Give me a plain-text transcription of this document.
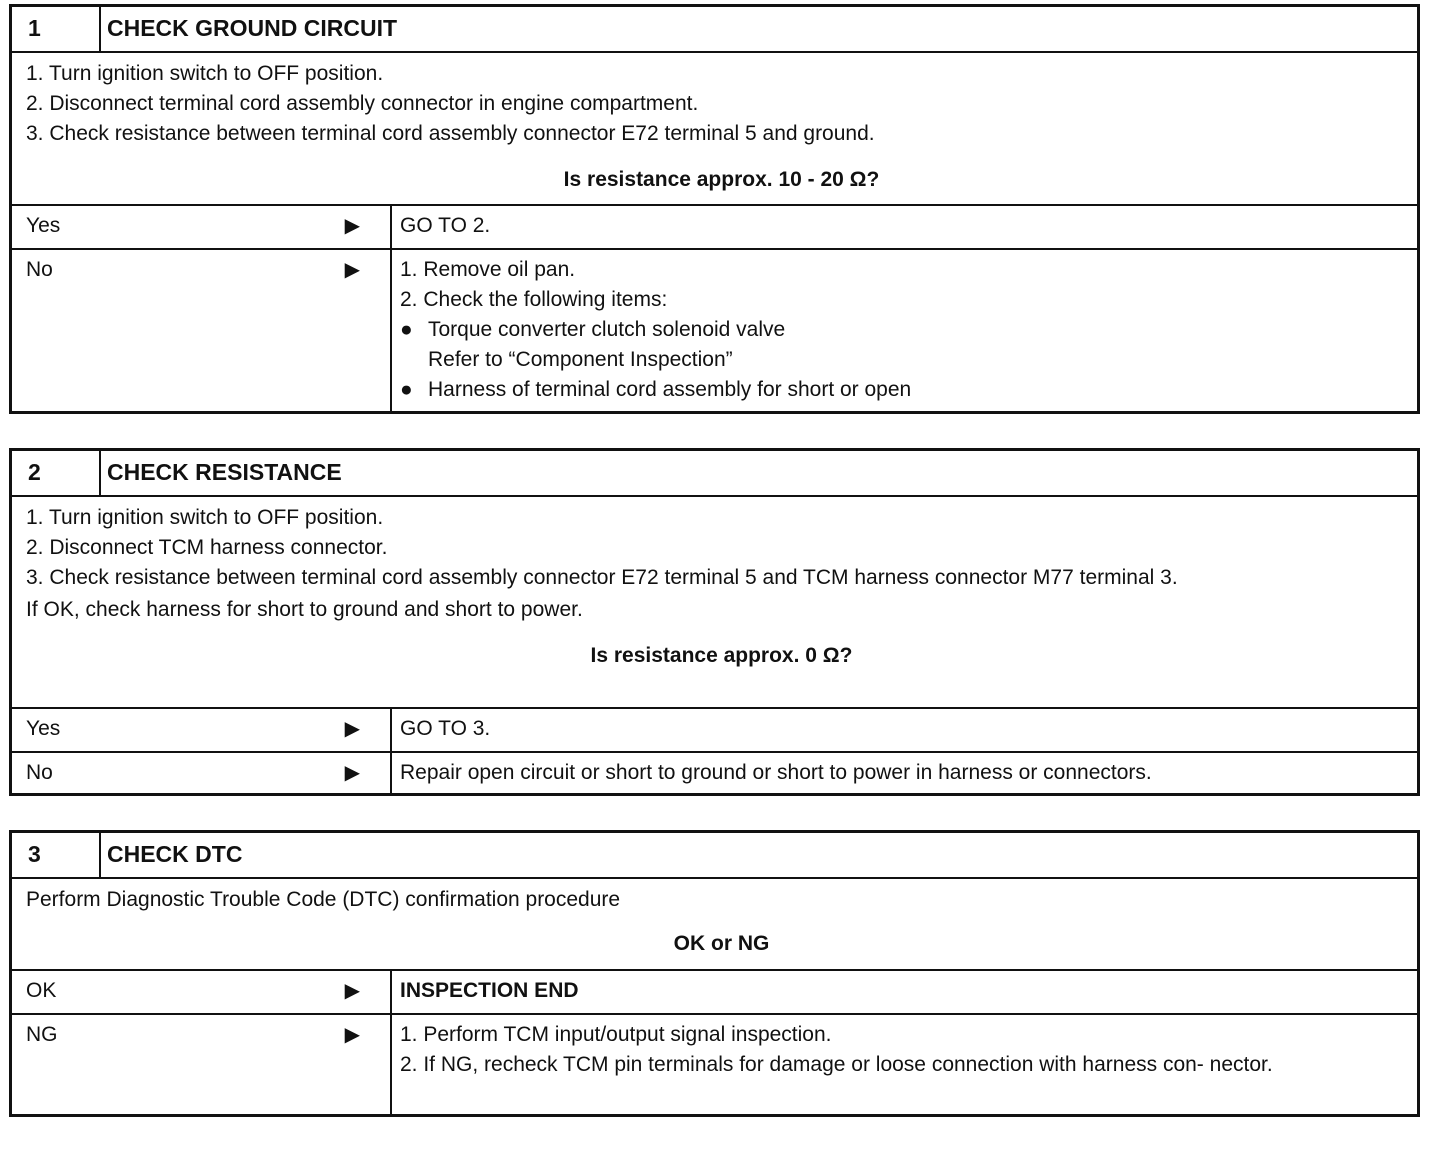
1	CHECK GROUND CIRCUIT
1. Turn ignition switch to OFF position.
2. Disconnect terminal cord assembly connector in engine compartment.
3. Check resistance between terminal cord assembly connector E72 terminal 5 and ground.
Is resistance approx. 10 - 20 Ω?
Yes	▶	GO TO 2.
No	▶ 1. Remove oil pan.
2. Check the following items:
● Torque converter clutch solenoid valve
Refer to “Component Inspection”
● Harness of terminal cord assembly for short or open
2	CHECK RESISTANCE
1. Turn ignition switch to OFF position.
2. Disconnect TCM harness connector.
3. Check resistance between terminal cord assembly connector E72 terminal 5 and TCM harness connector M77 terminal 3.
If OK, check harness for short to ground and short to power.
Is resistance approx. 0 Ω?
Yes	▶	GO TO 3.
No	▶	Repair open circuit or short to ground or short to power in harness or connectors.
3	CHECK DTC
Perform Diagnostic Trouble Code (DTC) confirmation procedure
OK or NG
OK	▶	INSPECTION END
NG	▶ 1. Perform TCM input/output signal inspection.
2. If NG, recheck TCM pin terminals for damage or loose connection with harness con- nector.
